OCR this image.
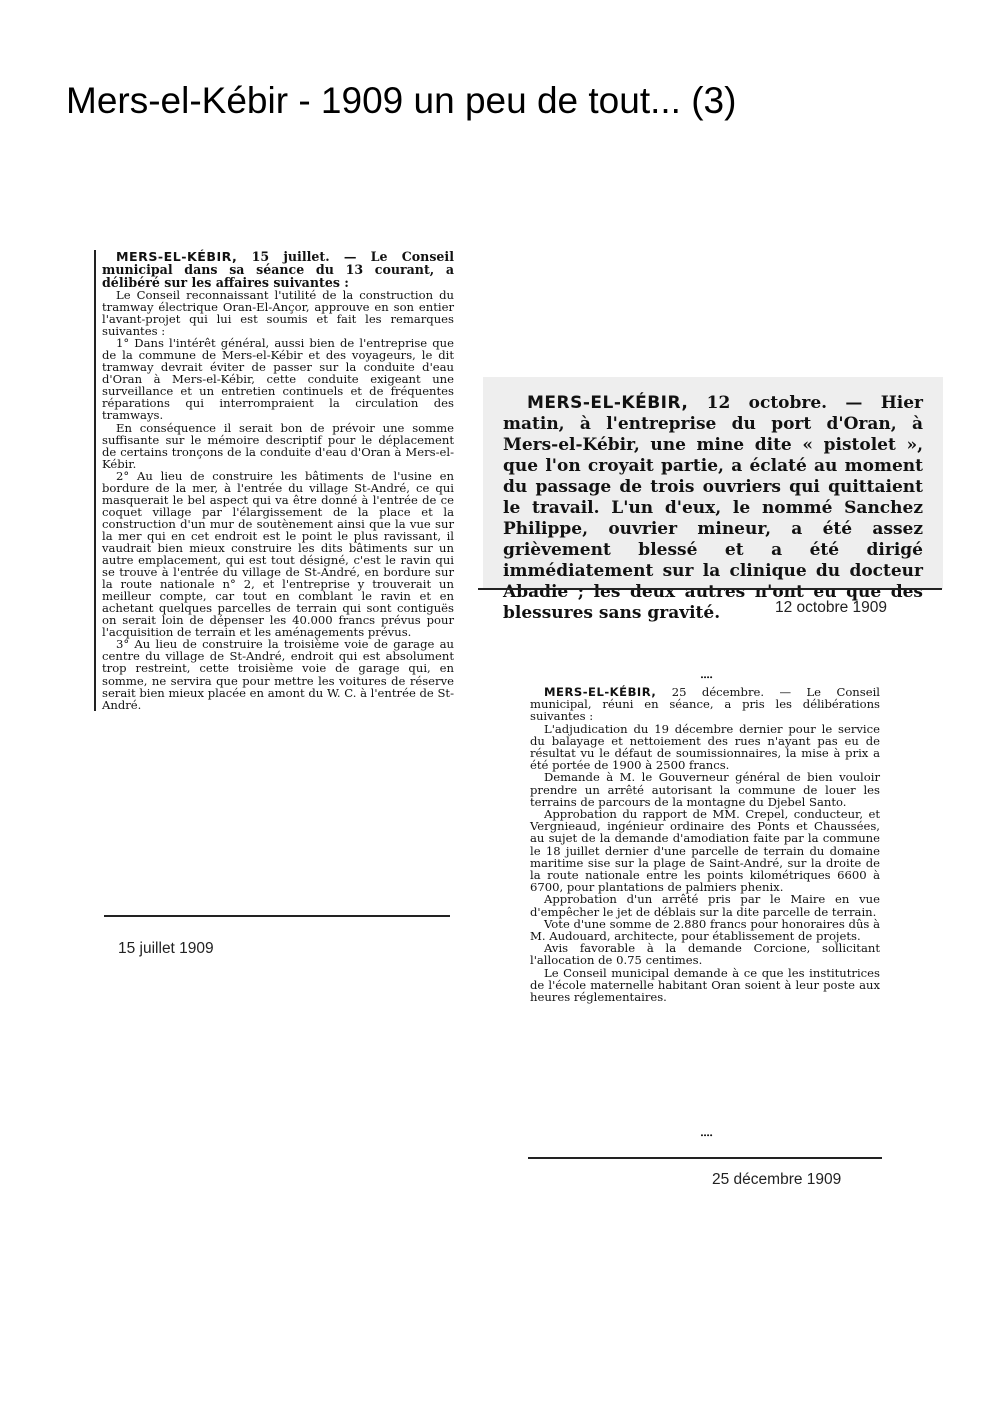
Mers-el-Kébir - 1909 un peu de tout... (3)

MERS-EL-KÉBIR, 15 juillet. — Le Conseil municipal dans sa séance du 13 courant, a délibéré sur les affaires suivantes :

Le Conseil reconnaissant l'utilité de la construction du tramway électrique Oran-El-Ançor, approuve en son entier l'avant-projet qui lui est soumis et fait les remarques suivantes :

1° Dans l'intérêt général, aussi bien de l'entreprise que de la commune de Mers-el-Kébir et des voyageurs, le dit tramway devrait éviter de passer sur la conduite d'eau d'Oran à Mers-el-Kébir, cette conduite exigeant une surveillance et un entretien continuels et de fréquentes réparations qui interrompraient la circulation des tramways.

En conséquence il serait bon de prévoir une somme suffisante sur le mémoire descriptif pour le déplacement de certains tronçons de la conduite d'eau d'Oran à Mers-el-Kébir.

2° Au lieu de construire les bâtiments de l'usine en bordure de la mer, à l'entrée du village St-André, ce qui masquerait le bel aspect qui va être donné à l'entrée de ce coquet village par l'élargissement de la place et la construction d'un mur de soutènement ainsi que la vue sur la mer qui en cet endroit est le point le plus ravissant, il vaudrait bien mieux construire les dits bâtiments sur un autre emplacement, qui est tout désigné, c'est le ravin qui se trouve à l'entrée du village de St-André, en bordure sur la route nationale n° 2, et l'entreprise y trouverait un meilleur compte, car tout en comblant le ravin et en achetant quelques parcelles de terrain qui sont contiguës on serait loin de dépenser les 40.000 francs prévus pour l'acquisition de terrain et les aménagements prévus.

3° Au lieu de construire la troisième voie de garage au centre du village de St-André, endroit qui est absolument trop restreint, cette troisième voie de garage qui, en somme, ne servira que pour mettre les voitures de réserve serait bien mieux placée en amont du W. C. à l'entrée de St-André.

15 juillet 1909

MERS-EL-KÉBIR, 12 octobre. — Hier matin, à l'entreprise du port d'Oran, à Mers-el-Kébir, une mine dite « pistolet », que l'on croyait partie, a éclaté au moment du passage de trois ouvriers qui quittaient le travail. L'un d'eux, le nommé Sanchez Philippe, ouvrier mineur, a été assez grièvement blessé et a été dirigé immédiatement sur la clinique du docteur Abadie ; les deux autres n'ont eu que des blessures sans gravité.	12 octobre 1909

᠁

MERS-EL-KÉBIR, 25 décembre. — Le Conseil municipal, réuni en séance, a pris les délibérations suivantes :

L'adjudication du 19 décembre dernier pour le service du balayage et nettoiement des rues n'ayant pas eu de résultat vu le défaut de soumissionnaires, la mise à prix a été portée de 1900 à 2500 francs.

Demande à M. le Gouverneur général de bien vouloir prendre un arrêté autorisant la commune de louer les terrains de parcours de la montagne du Djebel Santo.

Approbation du rapport de MM. Crepel, conducteur, et Vergnieaud, ingénieur ordinaire des Ponts et Chaussées, au sujet de la demande d'amodiation faite par la commune le 18 juillet dernier d'une parcelle de terrain du domaine maritime sise sur la plage de Saint-André, sur la droite de la route nationale entre les points kilométriques 6600 à 6700, pour plantations de palmiers phenix.

Approbation d'un arrêté pris par le Maire en vue d'empêcher le jet de déblais sur la dite parcelle de terrain.

Vote d'une somme de 2.880 francs pour honoraires dûs à M. Audouard, architecte, pour établissement de projets.

Avis favorable à la demande Corcione, sollicitant l'allocation de 0.75 centimes.

Le Conseil municipal demande à ce que les institutrices de l'école maternelle habitant Oran soient à leur poste aux heures réglementaires.

᠁

25 décembre 1909
